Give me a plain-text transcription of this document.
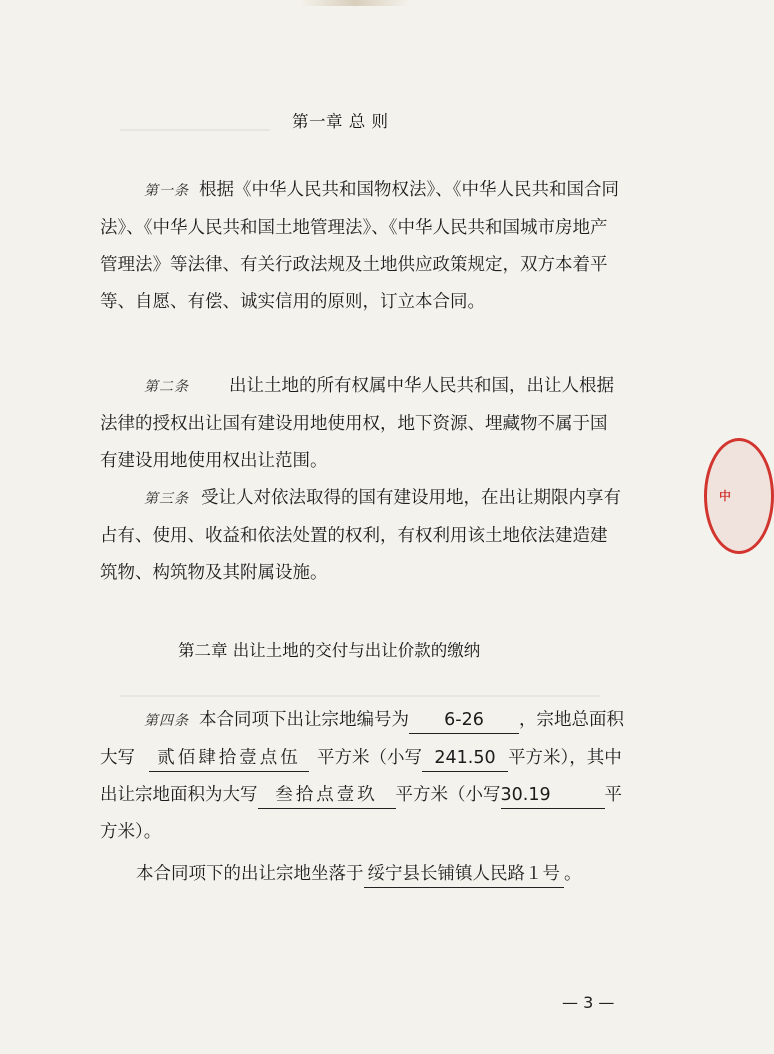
中
第一章 总 则

第一条 根据《中华人民共和国物权法》、《中华人民共和国合同法》、《中华人民共和国土地管理法》、《中华人民共和国城市房地产管理法》等法律、有关行政法规及土地供应政策规定，双方本着平等、自愿、有偿、诚实信用的原则，订立本合同。

第二条 出让土地的所有权属中华人民共和国，出让人根据法律的授权出让国有建设用地使用权，地下资源、埋藏物不属于国有建设用地使用权出让范围。

第三条 受让人对依法取得的国有建设用地，在出让期限内享有占有、使用、收益和依法处置的权利，有权利用该土地依法建造建筑物、构筑物及其附属设施。

第二章 出让土地的交付与出让价款的缴纳

第四条 本合同项下出让宗地编号为 6-26 ，宗地总面积大写 贰佰肆拾壹点伍 平方米（小写 241.50 平方米），其中出让宗地面积为大写 叁拾点壹玖 平方米（小写30.19	平方米）。

本合同项下的出让宗地坐落于 绥宁县长铺镇人民路１号 。

— 3 —
